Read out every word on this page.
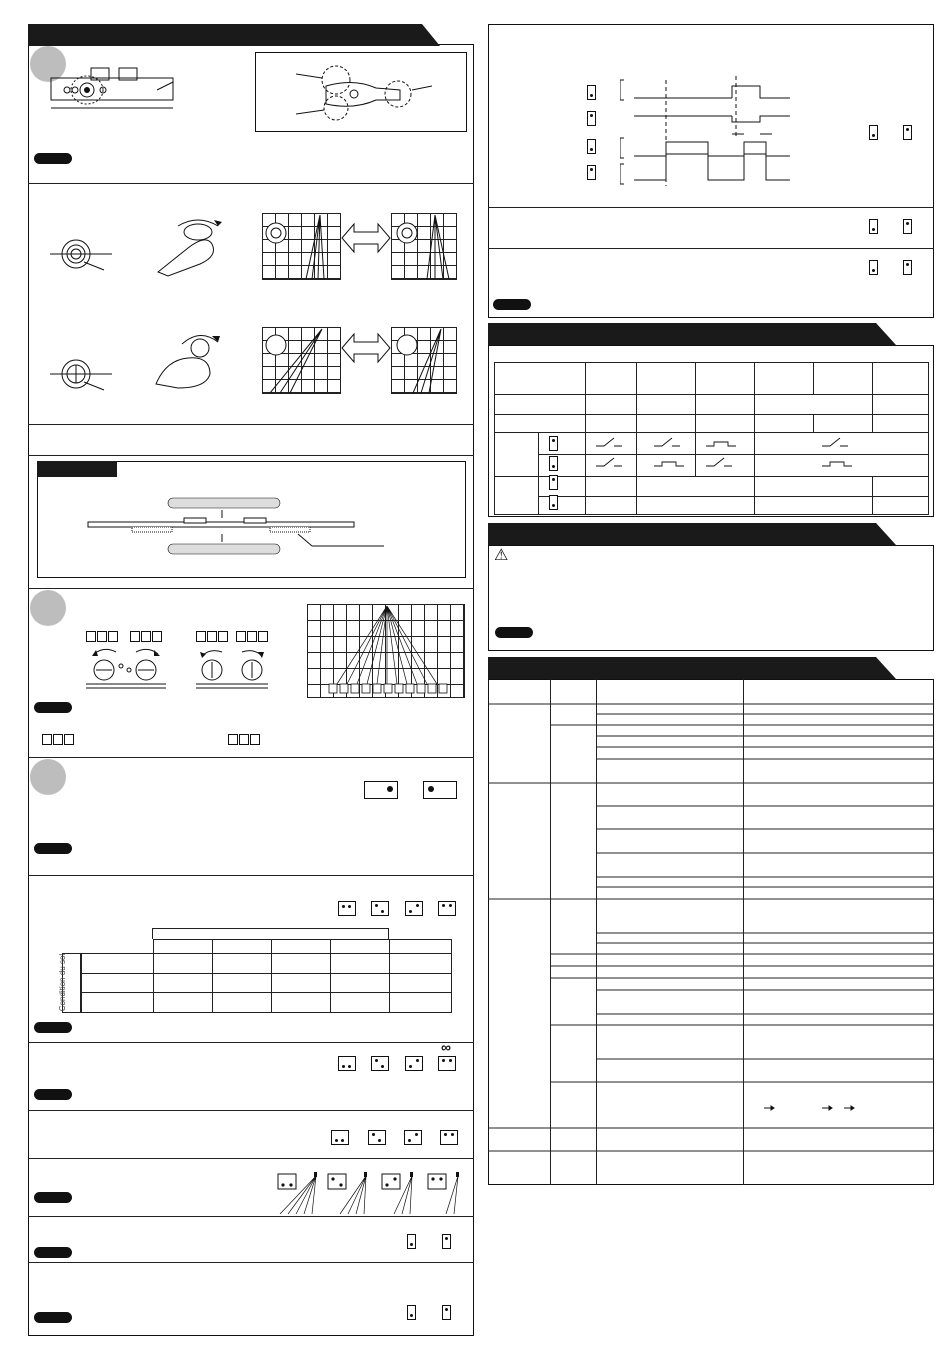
Condition du sol
∞

⚠
